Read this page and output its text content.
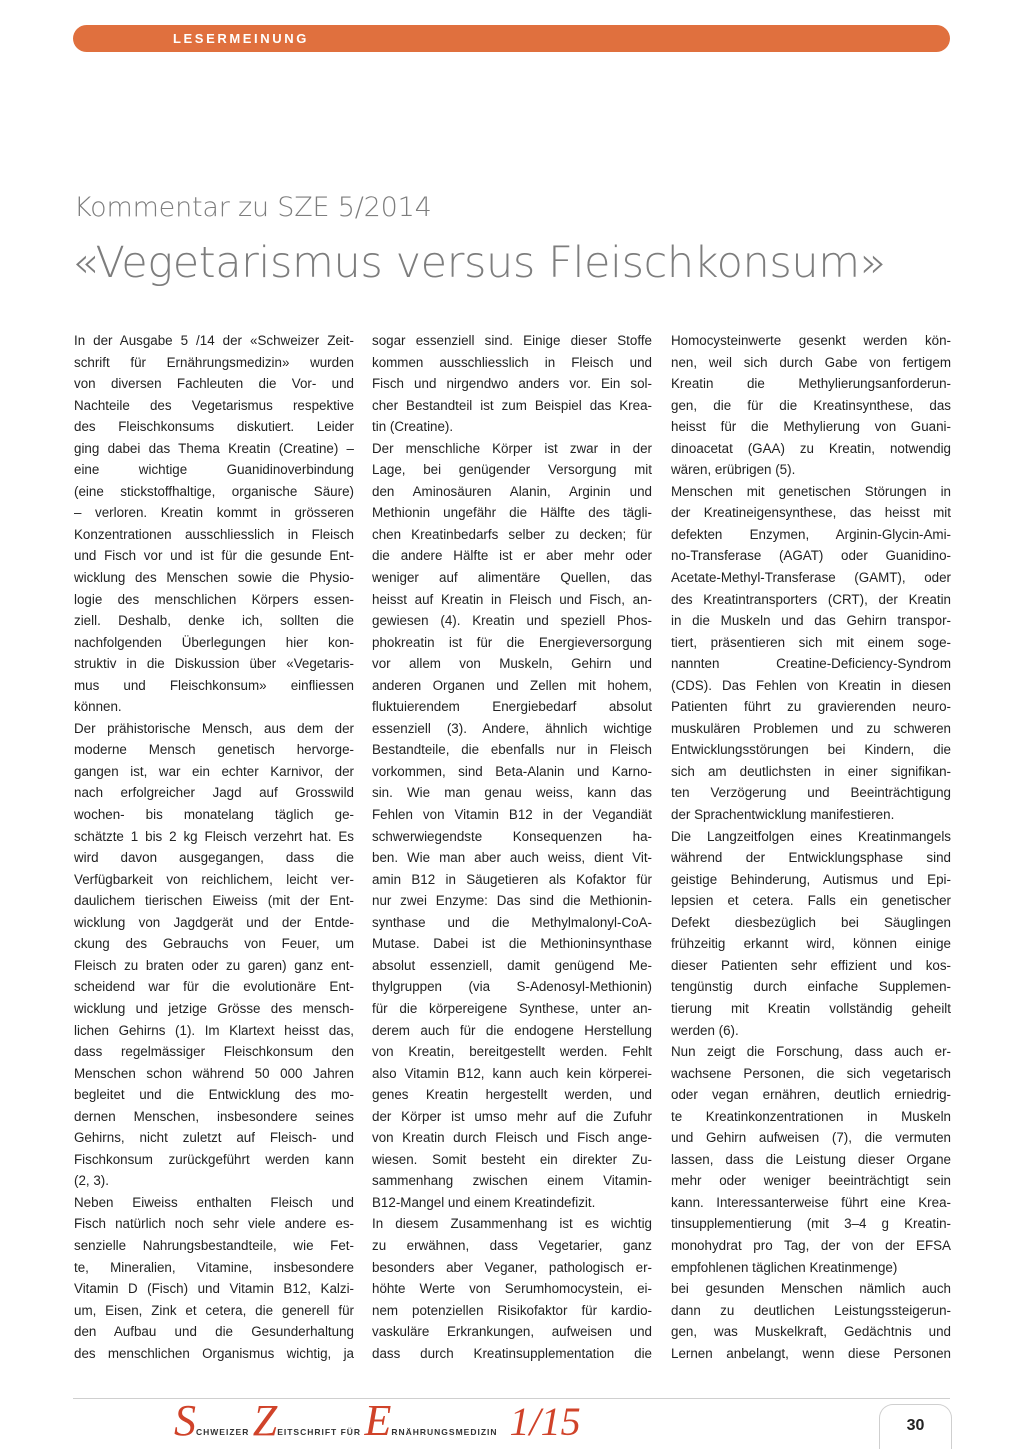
LESERMEINUNG
Kommentar zu SZE 5/2014
«Vegetarismus versus Fleischkonsum»
In der Ausgabe 5 /14 der «Schweizer Zeit-
schrift für Ernährungsmedizin» wurden
von diversen Fachleuten die Vor- und
Nachteile des Vegetarismus respektive
des Fleischkonsums diskutiert. Leider
ging dabei das Thema Kreatin (Creatine) –
eine wichtige Guanidinoverbindung
(eine stickstoffhaltige, organische Säure)
– verloren. Kreatin kommt in grösseren
Konzentrationen ausschliesslich in Fleisch
und Fisch vor und ist für die gesunde Ent-
wicklung des Menschen sowie die Physio-
logie des menschlichen Körpers essen-
ziell. Deshalb, denke ich, sollten die
nachfolgenden Überlegungen hier kon-
struktiv in die Diskussion über «Vegetaris-
mus und Fleischkonsum» einfliessen
können.
Der prähistorische Mensch, aus dem der
moderne Mensch genetisch hervorge-
gangen ist, war ein echter Karnivor, der
nach erfolgreicher Jagd auf Grosswild
wochen- bis monatelang täglich ge-
schätzte 1 bis 2 kg Fleisch verzehrt hat. Es
wird davon ausgegangen, dass die
Verfügbarkeit von reichlichem, leicht ver-
daulichem tierischen Eiweiss (mit der Ent-
wicklung von Jagdgerät und der Entde-
ckung des Gebrauchs von Feuer, um
Fleisch zu braten oder zu garen) ganz ent-
scheidend war für die evolutionäre Ent-
wicklung und jetzige Grösse des mensch-
lichen Gehirns (1). Im Klartext heisst das,
dass regelmässiger Fleischkonsum den
Menschen schon während 50 000 Jahren
begleitet und die Entwicklung des mo-
dernen Menschen, insbesondere seines
Gehirns, nicht zuletzt auf Fleisch- und
Fischkonsum zurückgeführt werden kann
(2, 3).
Neben Eiweiss enthalten Fleisch und
Fisch natürlich noch sehr viele andere es-
senzielle Nahrungsbestandteile, wie Fet-
te, Mineralien, Vitamine, insbesondere
Vitamin D (Fisch) und Vitamin B12, Kalzi-
um, Eisen, Zink et cetera, die generell für
den Aufbau und die Gesunderhaltung
des menschlichen Organismus wichtig, ja
sogar essenziell sind. Einige dieser Stoffe
kommen ausschliesslich in Fleisch und
Fisch und nirgendwo anders vor. Ein sol-
cher Bestandteil ist zum Beispiel das Krea-
tin (Creatine).
Der menschliche Körper ist zwar in der
Lage, bei genügender Versorgung mit
den Aminosäuren Alanin, Arginin und
Methionin ungefähr die Hälfte des tägli-
chen Kreatinbedarfs selber zu decken; für
die andere Hälfte ist er aber mehr oder
weniger auf alimentäre Quellen, das
heisst auf Kreatin in Fleisch und Fisch, an-
gewiesen (4). Kreatin und speziell Phos-
phokreatin ist für die Energieversorgung
vor allem von Muskeln, Gehirn und
anderen Organen und Zellen mit hohem,
fluktuierendem Energiebedarf absolut
essenziell (3). Andere, ähnlich wichtige
Bestandteile, die ebenfalls nur in Fleisch
vorkommen, sind Beta-Alanin und Karno-
sin. Wie man genau weiss, kann das
Fehlen von Vitamin B12 in der Vegandiät
schwerwiegendste Konsequenzen ha-
ben. Wie man aber auch weiss, dient Vit-
amin B12 in Säugetieren als Kofaktor für
nur zwei Enzyme: Das sind die Methionin-
synthase und die Methylmalonyl-CoA-
Mutase. Dabei ist die Methioninsynthase
absolut essenziell, damit genügend Me-
thylgruppen (via S-Adenosyl-Methionin)
für die körpereigene Synthese, unter an-
derem auch für die endogene Herstellung
von Kreatin, bereitgestellt werden. Fehlt
also Vitamin B12, kann auch kein körperei-
genes Kreatin hergestellt werden, und
der Körper ist umso mehr auf die Zufuhr
von Kreatin durch Fleisch und Fisch ange-
wiesen. Somit besteht ein direkter Zu-
sammenhang zwischen einem Vitamin-
B12-Mangel und einem Kreatindefizit.
In diesem Zusammenhang ist es wichtig
zu erwähnen, dass Vegetarier, ganz
besonders aber Veganer, pathologisch er-
höhte Werte von Serumhomocystein, ei-
nem potenziellen Risikofaktor für kardio-
vaskuläre Erkrankungen, aufweisen und
dass durch Kreatinsupplementation die
Homocysteinwerte gesenkt werden kön-
nen, weil sich durch Gabe von fertigem
Kreatin die Methylierungsanforderun-
gen, die für die Kreatinsynthese, das
heisst für die Methylierung von Guani-
dinoacetat (GAA) zu Kreatin, notwendig
wären, erübrigen (5).
Menschen mit genetischen Störungen in
der Kreatineigensynthese, das heisst mit
defekten Enzymen, Arginin-Glycin-Ami-
no-Transferase (AGAT) oder Guanidino-
Acetate-Methyl-Transferase (GAMT), oder
des Kreatintransporters (CRT), der Kreatin
in die Muskeln und das Gehirn transpor-
tiert, präsentieren sich mit einem soge-
nannten Creatine-Deficiency-Syndrom
(CDS). Das Fehlen von Kreatin in diesen
Patienten führt zu gravierenden neuro-
muskulären Problemen und zu schweren
Entwicklungsstörungen bei Kindern, die
sich am deutlichsten in einer signifikan-
ten Verzögerung und Beeinträchtigung
der Sprachentwicklung manifestieren.
Die Langzeitfolgen eines Kreatinmangels
während der Entwicklungsphase sind
geistige Behinderung, Autismus und Epi-
lepsien et cetera. Falls ein genetischer
Defekt diesbezüglich bei Säuglingen
frühzeitig erkannt wird, können einige
dieser Patienten sehr effizient und kos-
tengünstig durch einfache Supplemen-
tierung mit Kreatin vollständig geheilt
werden (6).
Nun zeigt die Forschung, dass auch er-
wachsene Personen, die sich vegetarisch
oder vegan ernähren, deutlich erniedrig-
te Kreatinkonzentrationen in Muskeln
und Gehirn aufweisen (7), die vermuten
lassen, dass die Leistung dieser Organe
mehr oder weniger beeinträchtigt sein
kann. Interessanterweise führt eine Krea-
tinsupplementierung (mit 3–4 g Kreatin-
monohydrat pro Tag, der von der EFSA
empfohlenen täglichen Kreatinmenge)
bei gesunden Menschen nämlich auch
dann zu deutlichen Leistungssteigerun-
gen, was Muskelkraft, Gedächtnis und
Lernen anbelangt, wenn diese Personen
SCHWEIZER ZEITSCHRIFT FÜR ERNÄHRUNGSMEDIZIN 1/15	30
